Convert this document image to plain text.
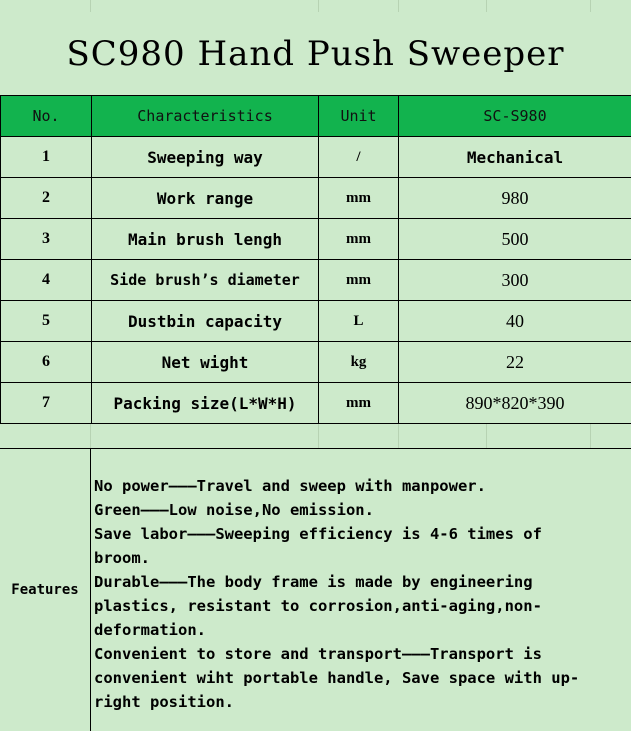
SC980 Hand Push Sweeper
No.	Characteristics	Unit	SC-S980
1	Sweeping way	/	Mechanical
2	Work range	mm	980
3	Main brush lengh	mm	500
4	Side brush’s diameter	mm	300
5	Dustbin capacity	L	40
6	Net wight	kg	22
7	Packing size(L*W*H)	mm	890*820*390
Features
No power———Travel and sweep with manpower.
Green———Low noise,No emission.
Save labor———Sweeping efficiency is 4-6 times of
broom.
Durable———The body frame is made by engineering
plastics, resistant to corrosion,anti-aging,non-
deformation.
Convenient to store and transport———Transport is
convenient wiht portable handle, Save space with up-
right position.
